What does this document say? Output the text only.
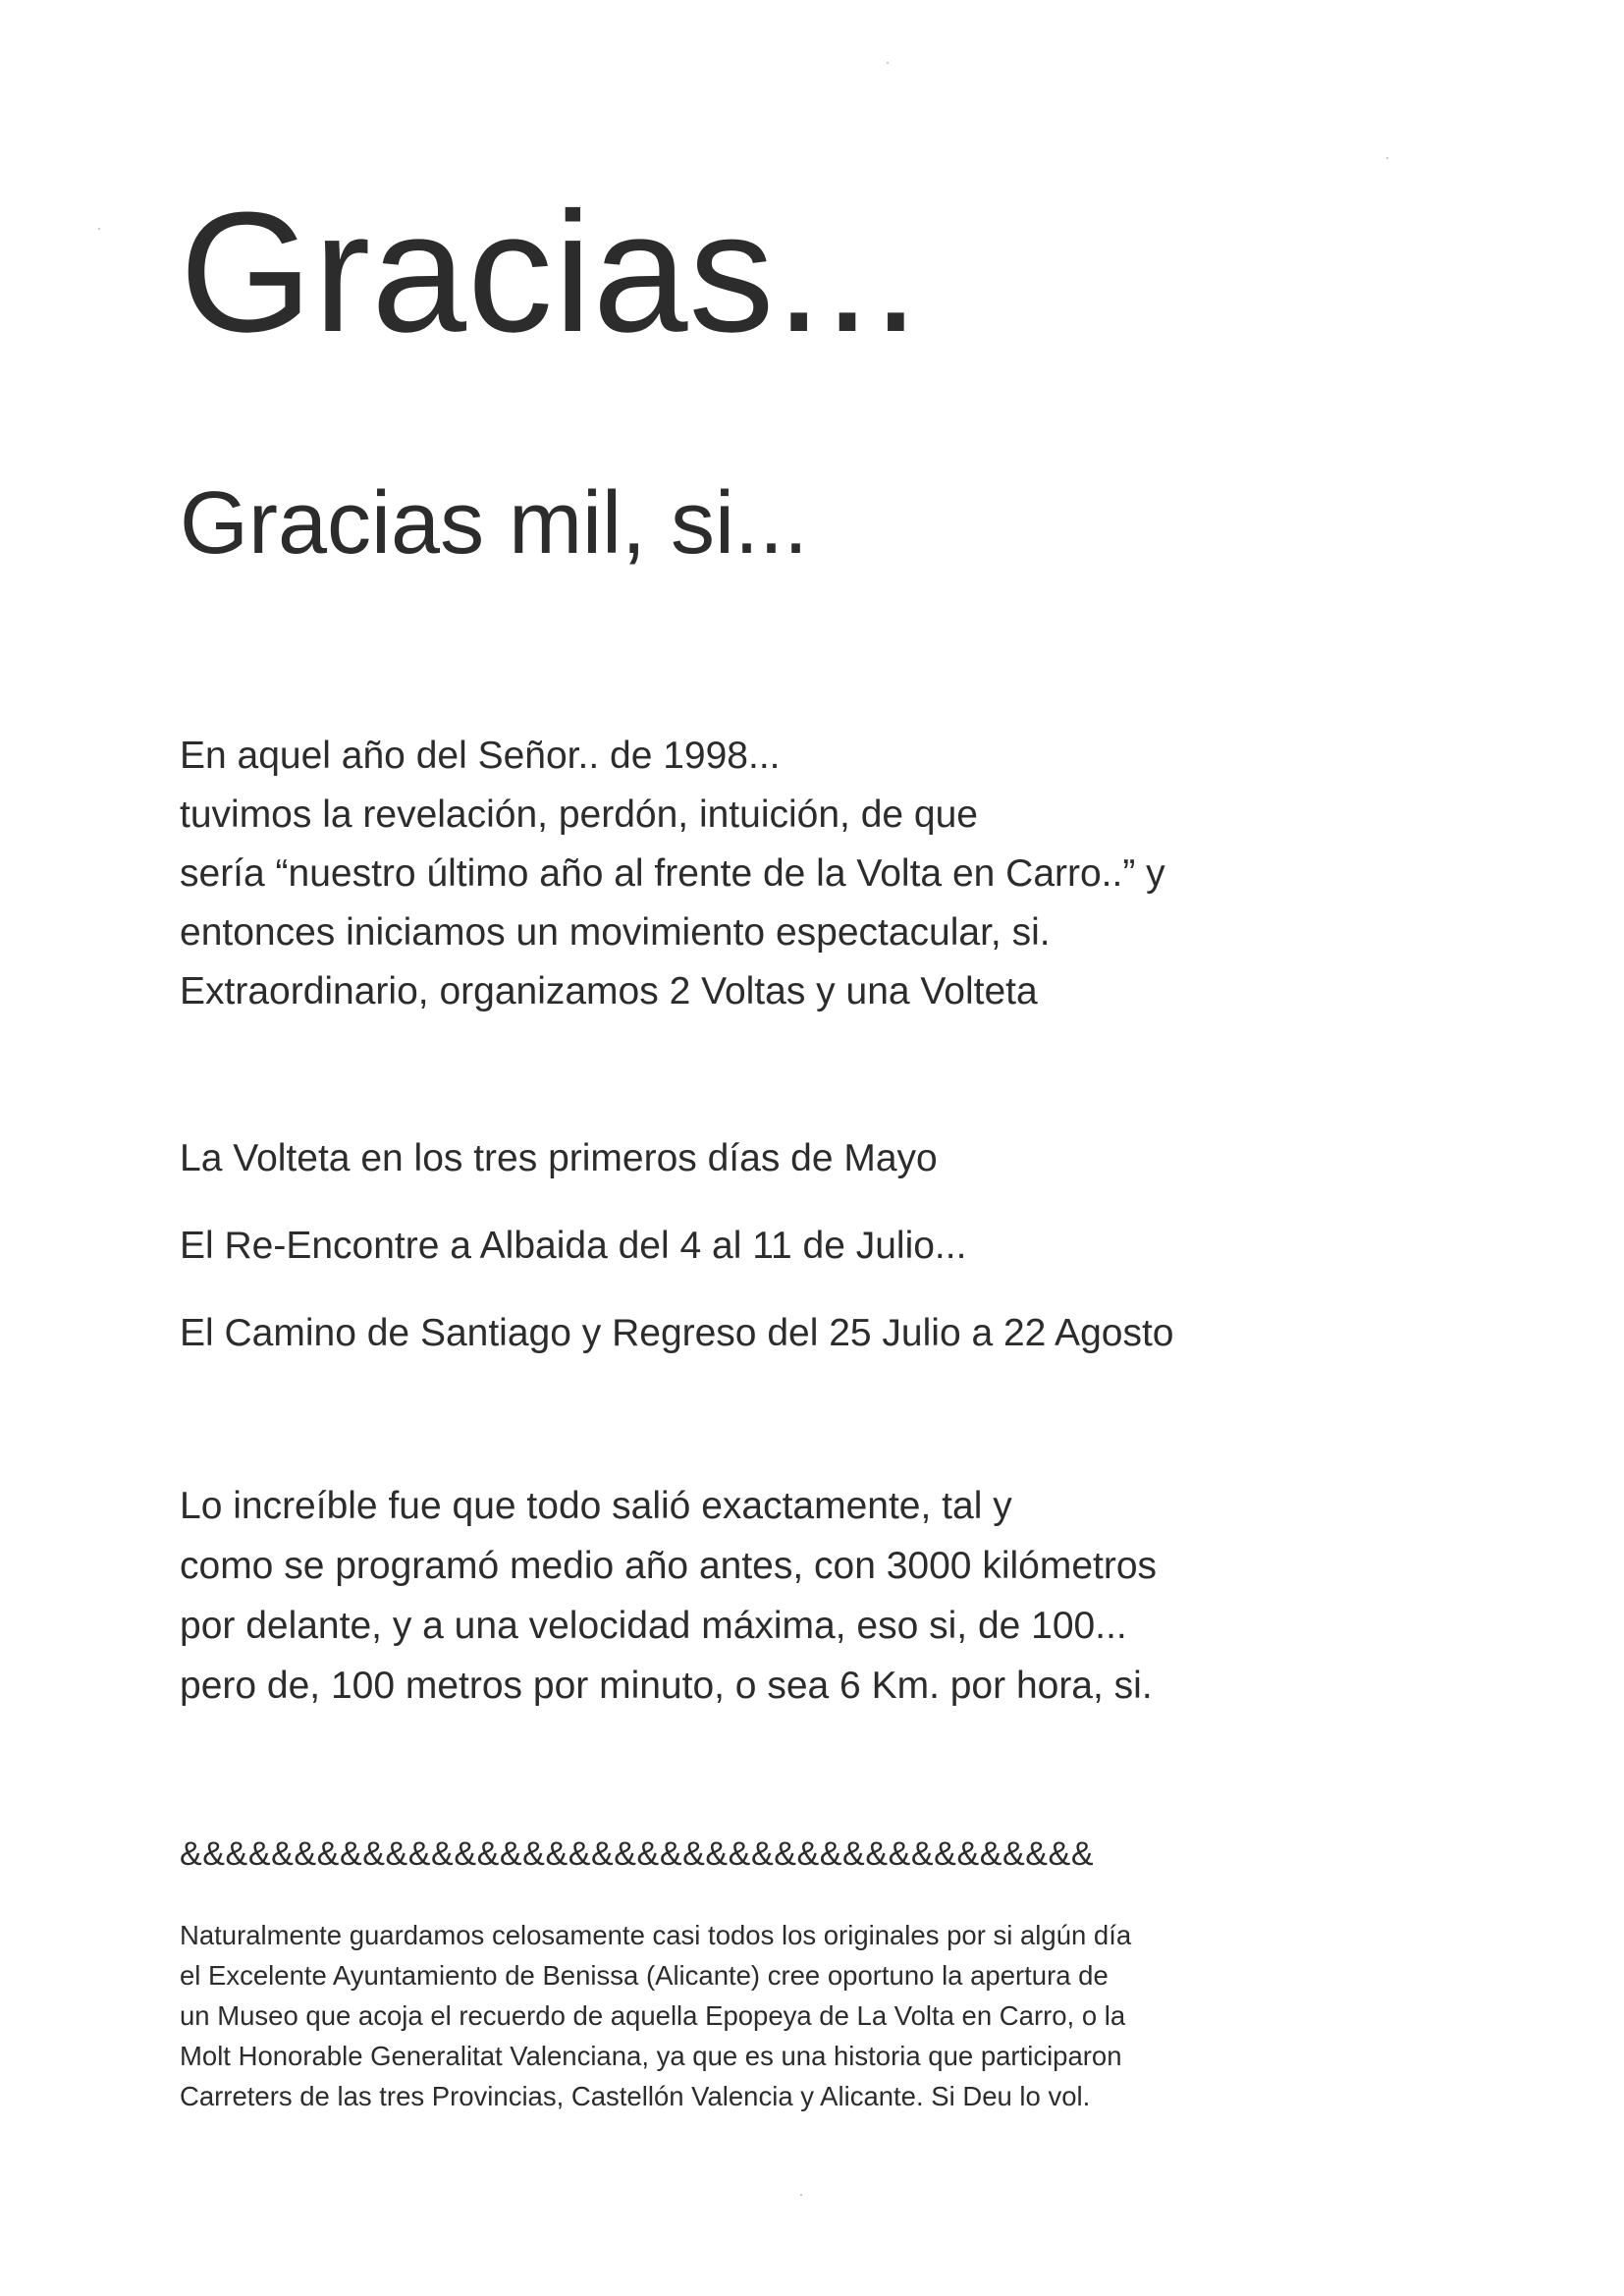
Gracias...
Gracias mil, si...
En aquel año del Señor.. de 1998...
tuvimos la revelación, perdón, intuición, de que
sería “nuestro último año al frente de la Volta en Carro..” y
entonces iniciamos un movimiento espectacular, si.
Extraordinario, organizamos 2 Voltas y una Volteta
La Volteta en los tres primeros días de Mayo
El Re-Encontre a Albaida del 4 al 11 de Julio...
El Camino de Santiago y Regreso del 25 Julio a 22 Agosto
Lo increíble fue que todo salió exactamente, tal y
como se programó medio año antes, con 3000 kilómetros
por delante, y a una velocidad máxima, eso si, de 100...
pero de, 100 metros por minuto, o sea 6 Km. por hora, si.
&&&&&&&&&&&&&&&&&&&&&&&&&&&&&&&&&&&&&&&&
Naturalmente guardamos celosamente casi todos los originales por si algún día
el Excelente Ayuntamiento de Benissa (Alicante) cree oportuno la apertura de
un Museo que acoja el recuerdo de aquella Epopeya de La Volta en Carro, o la
Molt Honorable Generalitat Valenciana, ya que es una historia que participaron
Carreters de las tres Provincias, Castellón Valencia y Alicante. Si Deu lo vol.
